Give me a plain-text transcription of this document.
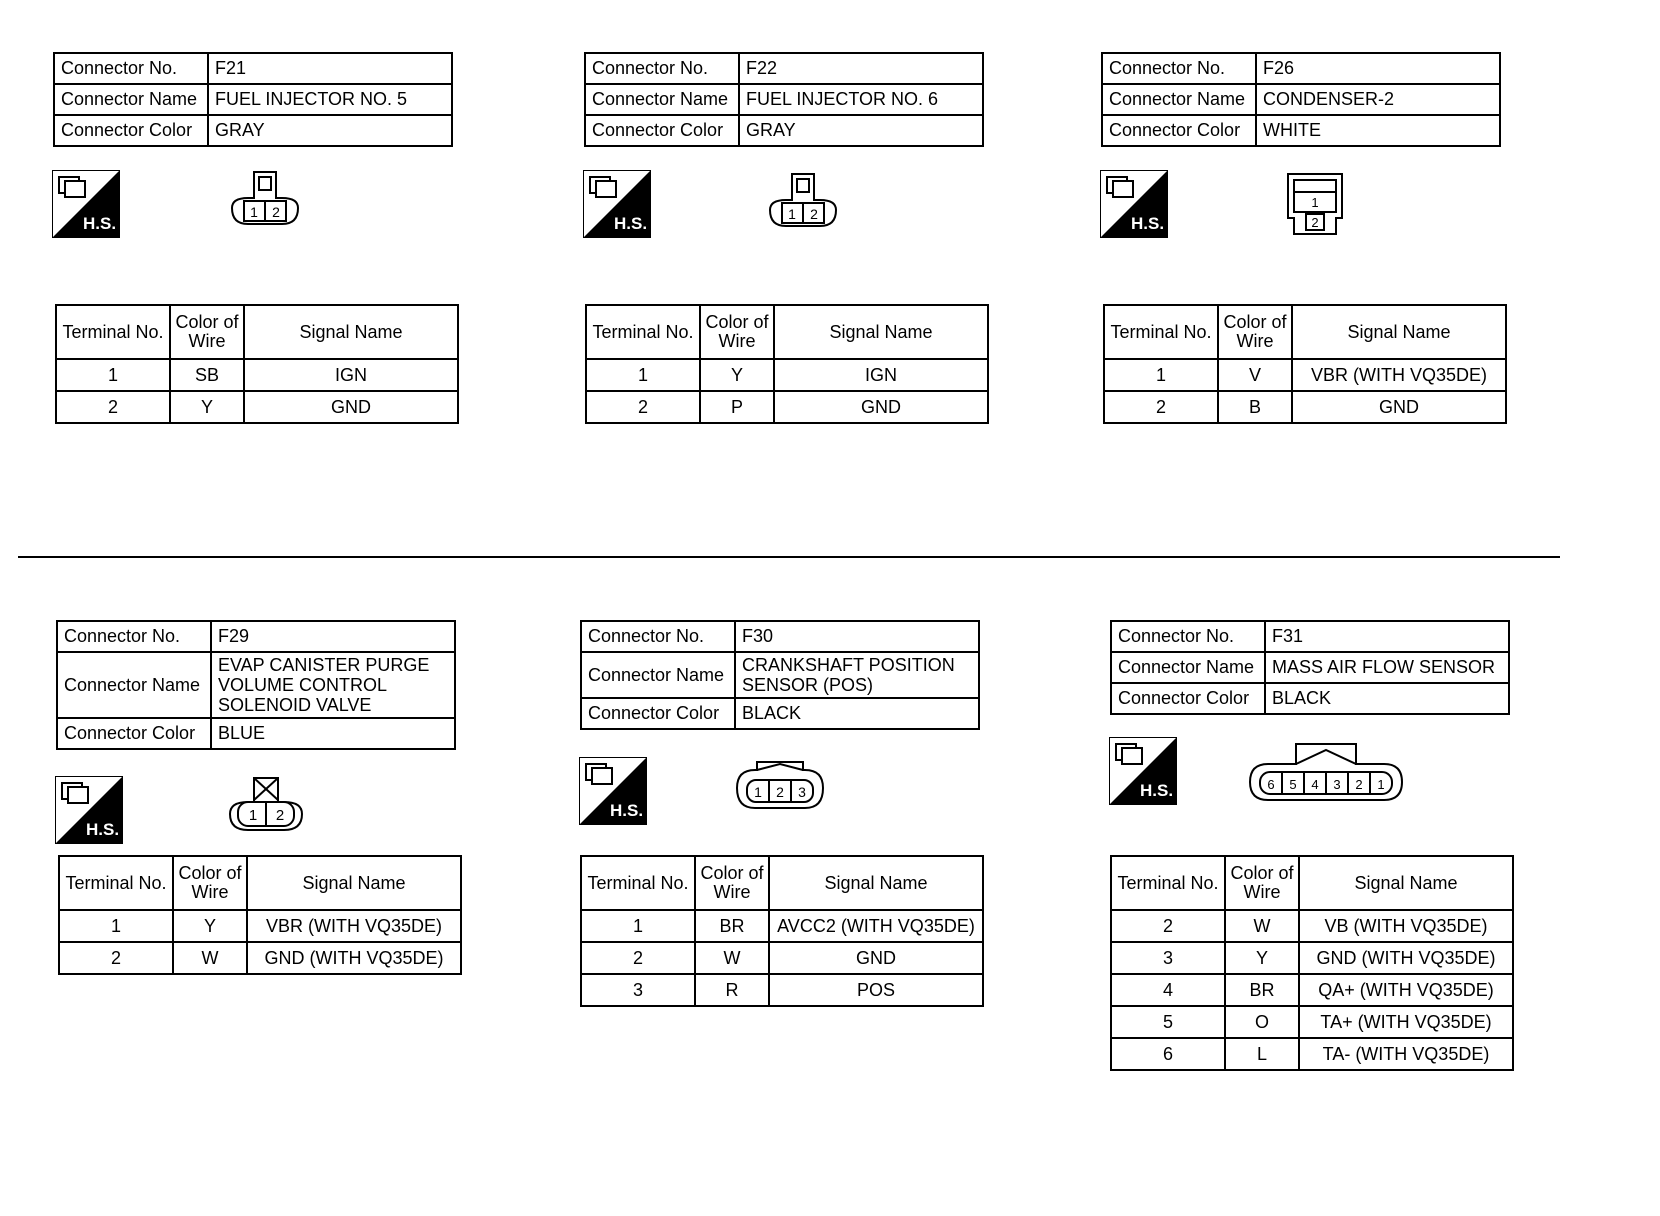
Connector No.	F21
Connector Name	FUEL INJECTOR NO. 5
Connector Color	GRAY
H.S.
1 2
Terminal No.	Color of Wire	Signal Name
1	SB	IGN
2	Y	GND
Connector No.	F22
Connector Name	FUEL INJECTOR NO. 6
Connector Color	GRAY
H.S.	1 2
Terminal No.	Color of Wire	Signal Name
1	Y	IGN
2	P	GND
Connector No.	F26
Connector Name	CONDENSER-2
Connector Color	WHITE
H.S.
1
2
Terminal No.	Color of Wire	Signal Name
1	V	VBR (WITH VQ35DE)
2	B	GND
Connector No.	F29
Connector Name	EVAP CANISTER PURGE VOLUME CONTROL SOLENOID VALVE
Connector Color	BLUE
H.S.
1 2
Terminal No.	Color of Wire	Signal Name
1	Y	VBR (WITH VQ35DE)
2	W	GND (WITH VQ35DE)
Connector No.	F30
Connector Name	CRANKSHAFT POSITION SENSOR (POS)
Connector Color	BLACK
H.S.
1 2 3
Terminal No.	Color of Wire	Signal Name
1	BR	AVCC2 (WITH VQ35DE)
2	W	GND
3	R	POS
Connector No.	F31
Connector Name	MASS AIR FLOW SENSOR
Connector Color	BLACK
H.S.	6 5 4 3 2 1
Terminal No.	Color of Wire	Signal Name
2	W	VB (WITH VQ35DE)
3	Y	GND (WITH VQ35DE)
4	BR	QA+ (WITH VQ35DE)
5	O	TA+ (WITH VQ35DE)
6	L	TA- (WITH VQ35DE)
